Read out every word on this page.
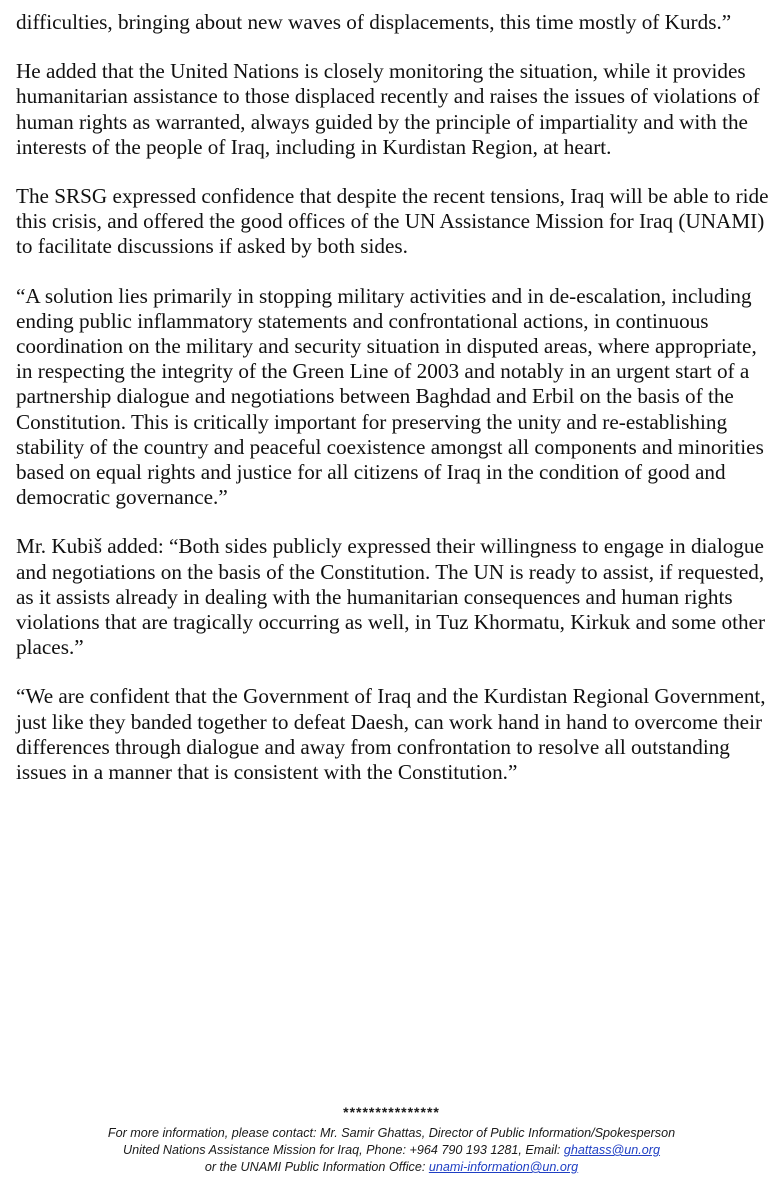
difficulties, bringing about new waves of displacements, this time mostly of Kurds.”

He added that the United Nations is closely monitoring the situation, while it provides humanitarian assistance to those displaced recently and raises the issues of violations of human rights as warranted, always guided by the principle of impartiality and with the interests of the people of Iraq, including in Kurdistan Region, at heart.

The SRSG expressed confidence that despite the recent tensions, Iraq will be able to ride this crisis, and offered the good offices of the UN Assistance Mission for Iraq (UNAMI) to facilitate discussions if asked by both sides.

“A solution lies primarily in stopping military activities and in de-escalation, including ending public inflammatory statements and confrontational actions, in continuous coordination on the military and security situation in disputed areas, where appropriate, in respecting the integrity of the Green Line of 2003 and notably in an urgent start of a partnership dialogue and negotiations between Baghdad and Erbil on the basis of the Constitution. This is critically important for preserving the unity and re-establishing stability of the country and peaceful coexistence amongst all components and minorities based on equal rights and justice for all citizens of Iraq in the condition of good and democratic governance.”

Mr. Kubiš added: “Both sides publicly expressed their willingness to engage in dialogue and negotiations on the basis of the Constitution. The UN is ready to assist, if requested, as it assists already in dealing with the humanitarian consequences and human rights violations that are tragically occurring as well, in Tuz Khormatu, Kirkuk and some other places.”

“We are confident that the Government of Iraq and the Kurdistan Regional Government, just like they banded together to defeat Daesh, can work hand in hand to overcome their differences through dialogue and away from confrontation to resolve all outstanding issues in a manner that is consistent with the Constitution.”

***************
For more information, please contact: Mr. Samir Ghattas, Director of Public Information/Spokesperson
United Nations Assistance Mission for Iraq, Phone: +964 790 193 1281, Email: ghattass@un.org
or the UNAMI Public Information Office: unami-information@un.org
